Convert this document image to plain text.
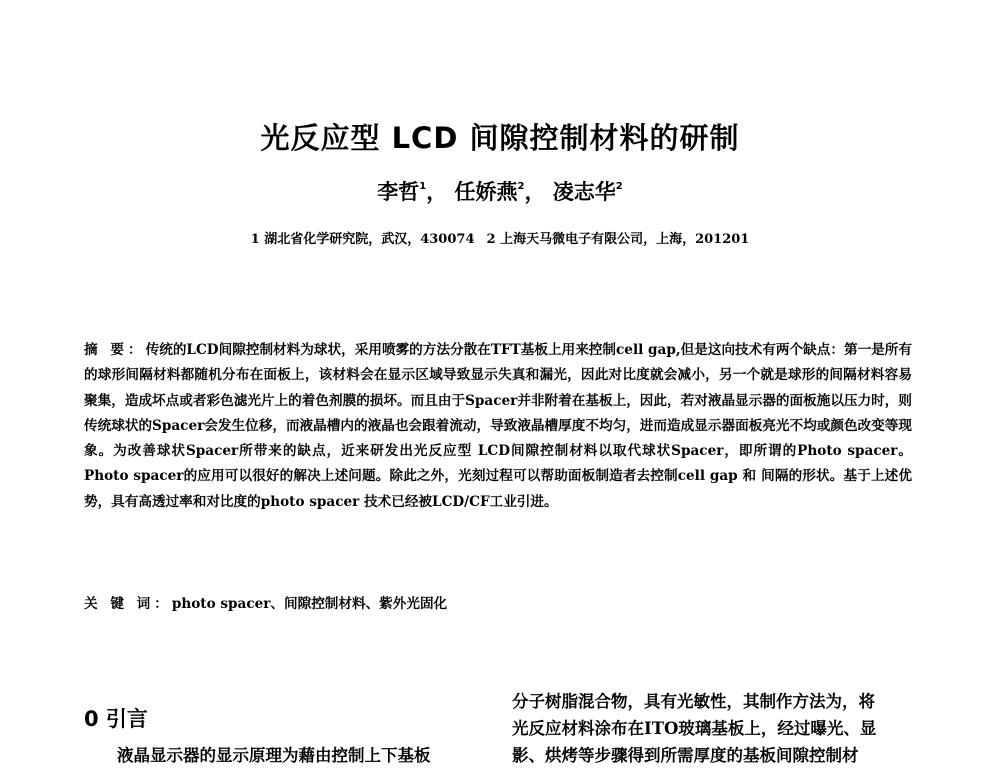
光反应型 LCD 间隙控制材料的研制
李哲$^1$， 任娇燕$^2$， 凌志华$^2$
1 湖北省化学研究院，武汉，430074 2 上海天马微电子有限公司，上海，201201
摘 要：传统的LCD间隙控制材料为球状，采用喷雾的方法分散在TFT基板上用来控制cell gap,但是这向技术有两个缺点：第一是所有的球形间隔材料都随机分布在面板上，该材料会在显示区域导致显示失真和漏光，因此对比度就会减小，另一个就是球形的间隔材料容易聚集，造成坏点或者彩色滤光片上的着色剂膜的损坏。而且由于Spacer并非附着在基板上，因此，若对液晶显示器的面板施以压力时，则传统球状的Spacer会发生位移，而液晶槽内的液晶也会跟着流动，导致液晶槽厚度不均匀，进而造成显示器面板亮光不均或颜色改变等现象。为改善球状Spacer所带来的缺点，近来研发出光反应型 LCD间隙控制材料以取代球状Spacer，即所谓的Photo spacer。Photo spacer的应用可以很好的解决上述问题。除此之外，光刻过程可以帮助面板制造者去控制cell gap 和 间隔的形状。基于上述优势，具有高透过率和对比度的photo spacer 技术已经被LCD/CF工业引进。
关 键 词：photo spacer、间隙控制材料、紫外光固化
0 引言
液晶显示器的显示原理为藉由控制上下基板

分子树脂混合物，具有光敏性，其制作方法为，将

光反应材料涂布在ITO玻璃基板上，经过曝光、显

影、烘烤等步骤得到所需厚度的基板间隙控制材
